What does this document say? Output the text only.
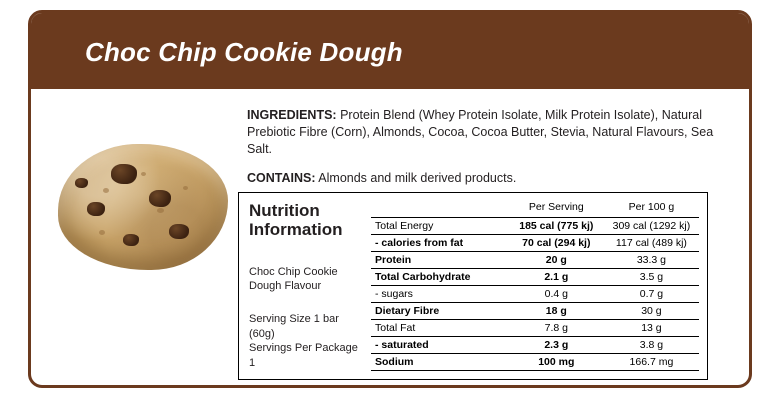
Choc Chip Cookie Dough

INGREDIENTS: Protein Blend (Whey Protein Isolate, Milk Protein Isolate), Natural Prebiotic Fibre (Corn), Almonds, Cocoa, Cocoa Butter, Stevia, Natural Flavours, Sea Salt.

CONTAINS: Almonds and milk derived products.

Nutrition Information
Choc Chip Cookie Dough Flavour
Serving Size 1 bar (60g)
Servings Per Package 1
	Per Serving	Per 100 g
Total Energy	185 cal (775 kj)	309 cal (1292 kj)
- calories from fat	70 cal (294 kj)	117 cal (489 kj)
Protein	20 g	33.3 g
Total Carbohydrate	2.1 g	3.5 g
- sugars	0.4 g	0.7 g
Dietary Fibre	18 g	30 g
Total Fat	7.8 g	13 g
- saturated	2.3 g	3.8 g
Sodium	100 mg	166.7 mg
